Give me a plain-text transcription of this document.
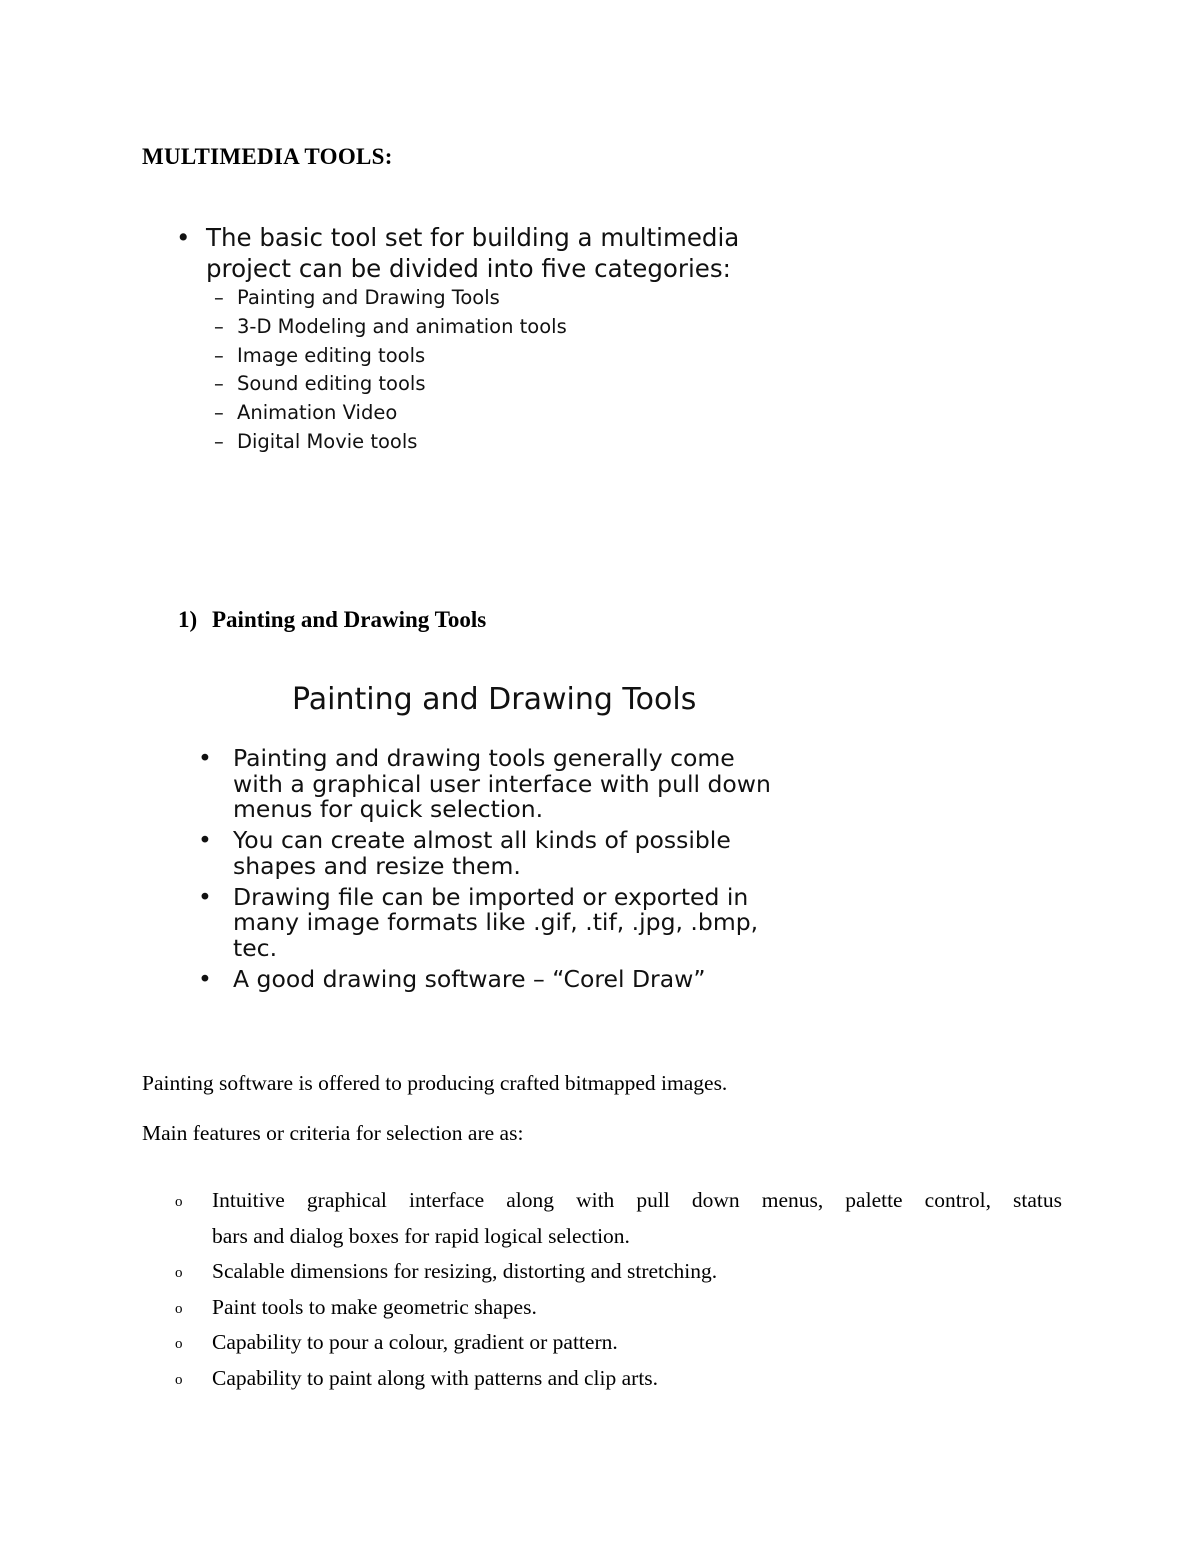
MULTIMEDIA TOOLS:
• The basic tool set for building a multimedia
project can be divided into five categories:
– Painting and Drawing Tools
– 3-D Modeling and animation tools
– Image editing tools
– Sound editing tools
– Animation Video
– Digital Movie tools
1) Painting and Drawing Tools
Painting and Drawing Tools
• Painting and drawing tools generally come
with a graphical user interface with pull down
menus for quick selection.
• You can create almost all kinds of possible
shapes and resize them.
• Drawing file can be imported or exported in
many image formats like .gif, .tif, .jpg, .bmp,
tec.
• A good drawing software – “Corel Draw”
Painting software is offered to producing crafted bitmapped images.
Main features or criteria for selection are as:
o Intuitive graphical interface along with pull down menus, palette control, status
bars and dialog boxes for rapid logical selection.
o Scalable dimensions for resizing, distorting and stretching.
o Paint tools to make geometric shapes.
o Capability to pour a colour, gradient or pattern.
o Capability to paint along with patterns and clip arts.
